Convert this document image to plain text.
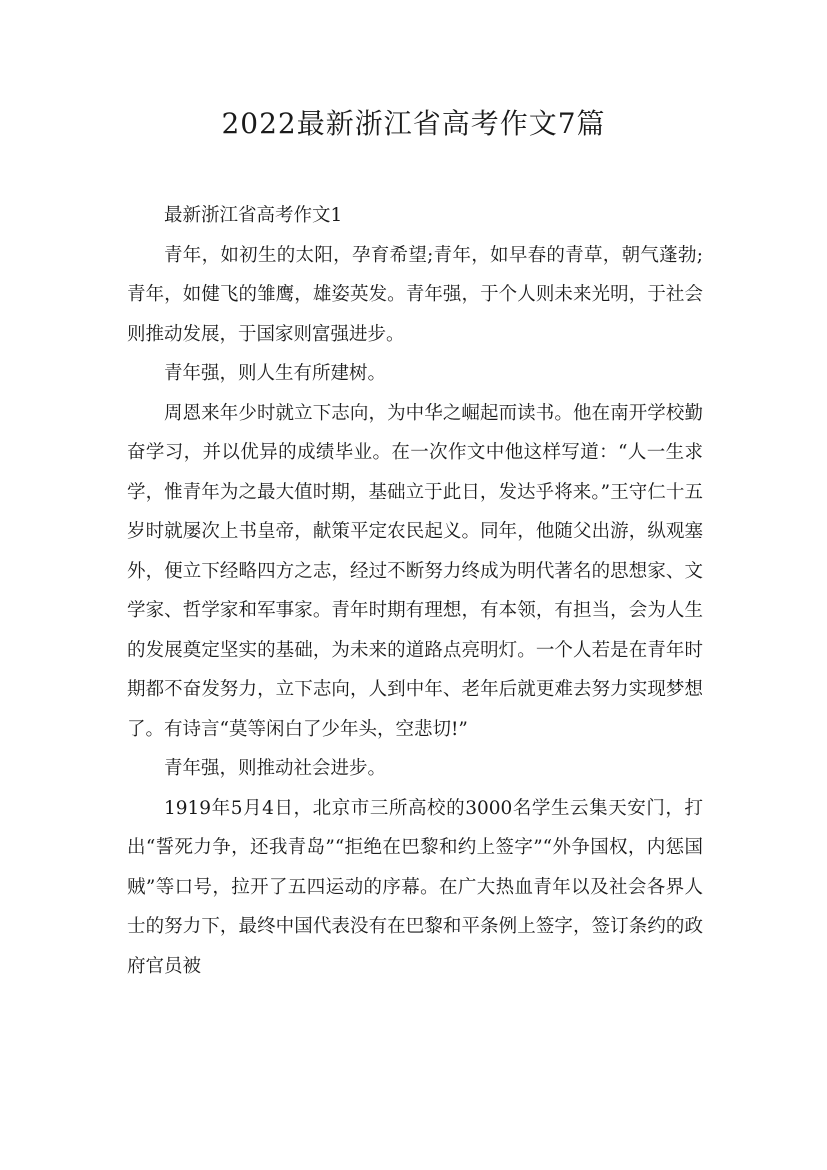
2022最新浙江省高考作文7篇

最新浙江省高考作文1

青年，如初生的太阳，孕育希望;青年，如早春的青草，朝气蓬勃;青年，如健飞的雏鹰，雄姿英发。青年强，于个人则未来光明，于社会则推动发展，于国家则富强进步。

青年强，则人生有所建树。

周恩来年少时就立下志向，为中华之崛起而读书。他在南开学校勤奋学习，并以优异的成绩毕业。在一次作文中他这样写道：“人一生求学，惟青年为之最大值时期，基础立于此日，发达乎将来。”王守仁十五岁时就屡次上书皇帝，献策平定农民起义。同年，他随父出游，纵观塞外，便立下经略四方之志，经过不断努力终成为明代著名的思想家、文学家、哲学家和军事家。青年时期有理想，有本领，有担当，会为人生的发展奠定坚实的基础，为未来的道路点亮明灯。一个人若是在青年时期都不奋发努力，立下志向，人到中年、老年后就更难去努力实现梦想了。有诗言“莫等闲白了少年头，空悲切!”

青年强，则推动社会进步。

1919年5月4日，北京市三所高校的3000名学生云集天安门，打出“誓死力争，还我青岛”“拒绝在巴黎和约上签字”“外争国权，内惩国贼”等口号，拉开了五四运动的序幕。在广大热血青年以及社会各界人士的努力下，最终中国代表没有在巴黎和平条例上签字，签订条约的政府官员被
